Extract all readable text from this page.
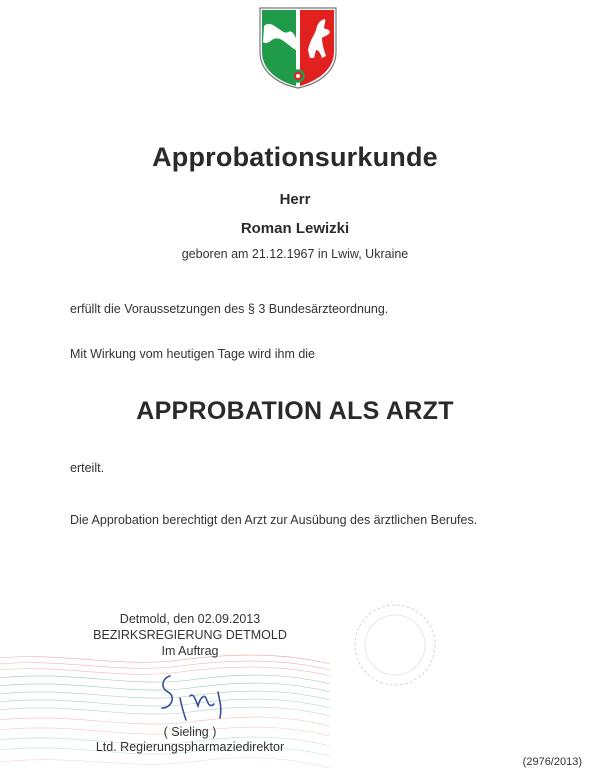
Approbationsurkunde
Herr
Roman Lewizki
geboren am 21.12.1967 in Lwiw, Ukraine
erfüllt die Voraussetzungen des § 3 Bundesärzteordnung.
Mit Wirkung vom heutigen Tage wird ihm die
APPROBATION ALS ARZT
erteilt.
Die Approbation berechtigt den Arzt zur Ausübung des ärztlichen Berufes.
Detmold, den 02.09.2013
BEZIRKSREGIERUNG DETMOLD
Im Auftrag
( Sieling )
Ltd. Regierungspharmaziedirektor
(2976/2013)
